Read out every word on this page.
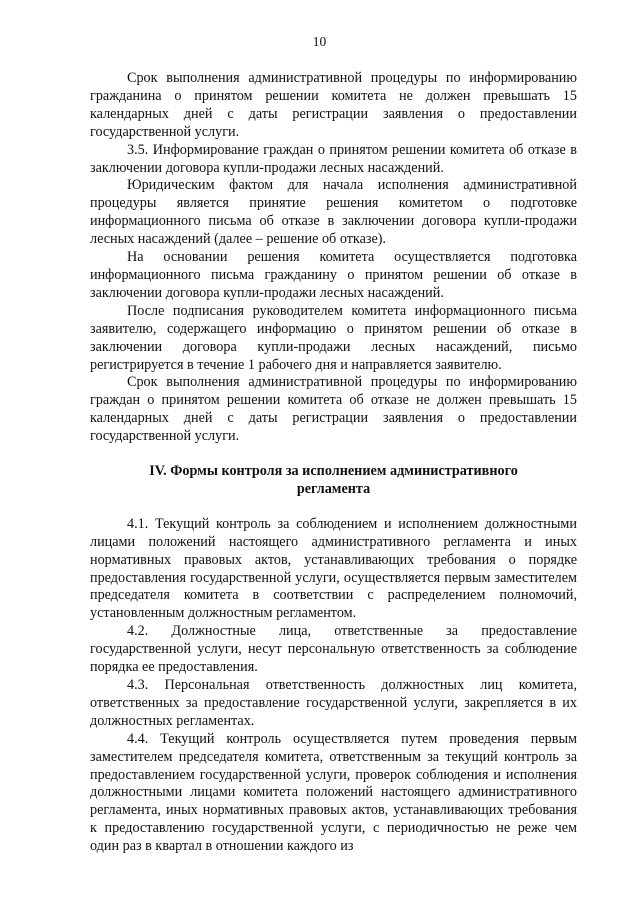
10

Срок выполнения административной процедуры по информированию гражданина о принятом решении комитета не должен превышать 15 календарных дней с даты регистрации заявления о предоставлении государственной услуги.

3.5. Информирование граждан о принятом решении комитета об отказе в заключении договора купли-продажи лесных насаждений.

Юридическим фактом для начала исполнения административной процедуры является принятие решения комитетом о подготовке информационного письма об отказе в заключении договора купли-продажи лесных насаждений (далее – решение об отказе).

На основании решения комитета осуществляется подготовка информационного письма гражданину о принятом решении об отказе в заключении договора купли-продажи лесных насаждений.

После подписания руководителем комитета информационного письма заявителю, содержащего информацию о принятом решении об отказе в заключении договора купли-продажи лесных насаждений, письмо регистрируется в течение 1 рабочего дня и направляется заявителю.

Срок выполнения административной процедуры по информированию граждан о принятом решении комитета об отказе не должен превышать 15 календарных дней с даты регистрации заявления о предоставлении государственной услуги.

IV. Формы контроля за исполнением административного
регламента

4.1. Текущий контроль за соблюдением и исполнением должностными лицами положений настоящего административного регламента и иных нормативных правовых актов, устанавливающих требования о порядке предоставления государственной услуги, осуществляется первым заместителем председателя комитета в соответствии с распределением полномочий, установленным должностным регламентом.

4.2. Должностные лица, ответственные за предоставление государственной услуги, несут персональную ответственность за соблюдение порядка ее предоставления.

4.3. Персональная ответственность должностных лиц комитета, ответственных за предоставление государственной услуги, закрепляется в их должностных регламентах.

4.4. Текущий контроль осуществляется путем проведения первым заместителем председателя комитета, ответственным за текущий контроль за предоставлением государственной услуги, проверок соблюдения и исполнения должностными лицами комитета положений настоящего административного регламента, иных нормативных правовых актов, устанавливающих требования к предоставлению государственной услуги, с периодичностью не реже чем один раз в квартал в отношении каждого из
